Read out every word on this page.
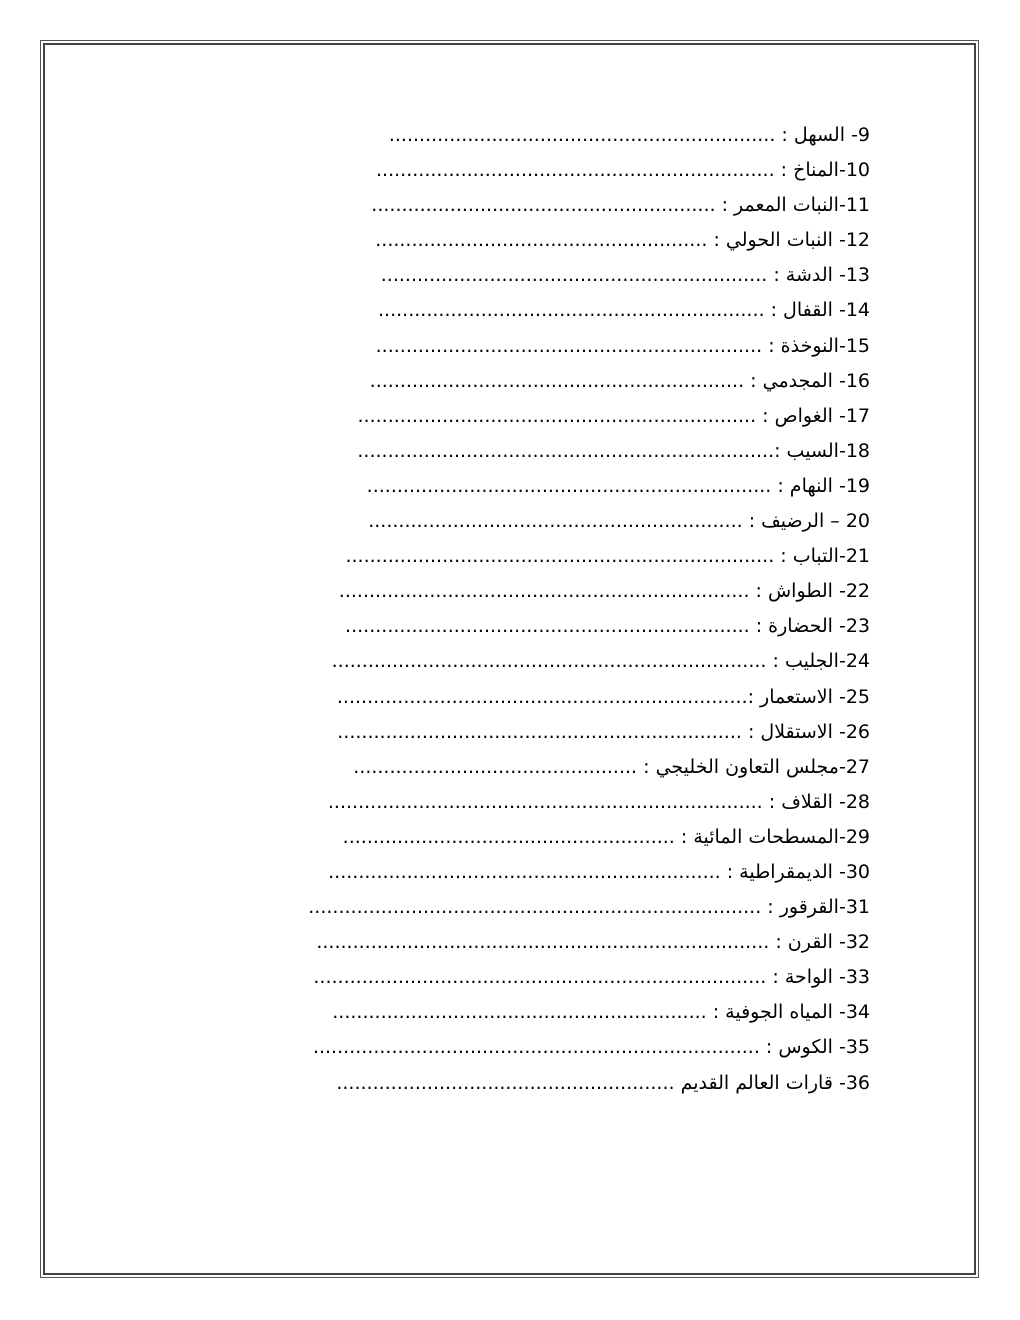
9- السهل : ................................................................
10-المناخ : ..................................................................
11-النبات المعمر : .........................................................
12- النبات الحولي : .......................................................
13- الدشة : ................................................................
14- القفال : ................................................................
15-النوخذة : ................................................................
16- المجدمي : ..............................................................
17- الغواص : ..................................................................
18-السيب :.....................................................................
19- النهام : ...................................................................
20 – الرضيف : ..............................................................
21-التباب : .......................................................................
22- الطواش : ....................................................................
23- الحضارة : ...................................................................
24-الجليب : ........................................................................
25- الاستعمار :....................................................................
26- الاستقلال : ...................................................................
27-مجلس التعاون الخليجي : ...............................................
28- القلاف : ........................................................................
29-المسطحات المائية : .......................................................
30- الديمقراطية : .................................................................
31-القرقور : ...........................................................................
32- القرن : ...........................................................................
33- الواحة : ...........................................................................
34- المياه الجوفية : ..............................................................
35- الكوس : ..........................................................................
36- قارات العالم القديم ........................................................
